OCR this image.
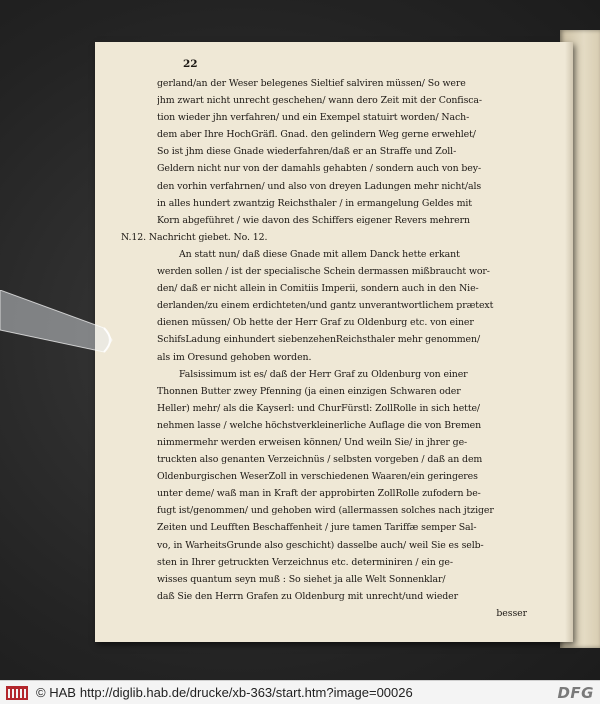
22
gerland/an der Weser belegenes Sieltief salviren müssen/ So were
jhm zwart nicht unrecht geschehen/ wann dero Zeit mit der Confisca-
tion wieder jhn verfahren/ und ein Exempel statuirt worden/ Nach-
dem aber Ihre HochGräfl. Gnad. den gelindern Weg gerne erwehlet/
So ist jhm diese Gnade wiederfahren/daß er an Straffe und Zoll-
Geldern nicht nur von der damahls gehabten / sondern auch von bey-
den vorhin verfahrnen/ und also von dreyen Ladungen mehr nicht/als
in alles hundert zwantzig Reichsthaler / in ermangelung Geldes mit
Korn abgeführet / wie davon des Schiffers eigener Revers mehrern
N.12. Nachricht giebet. No. 12.
An statt nun/ daß diese Gnade mit allem Danck hette erkant
werden sollen / ist der specialische Schein dermassen mißbraucht wor-
den/ daß er nicht allein in Comitiis Imperii, sondern auch in den Nie-
derlanden/zu einem erdichteten/und gantz unverantwortlichem prætext
dienen müssen/ Ob hette der Herr Graf zu Oldenburg etc. von einer
SchifsLadung einhundert siebenzehenReichsthaler mehr genommen/
als im Oresund gehoben worden.
Falsissimum ist es/ daß der Herr Graf zu Oldenburg von einer
Thonnen Butter zwey Pfenning (ja einen einzigen Schwaren oder
Heller) mehr/ als die Kayserl: und ChurFürstl: ZollRolle in sich hette/
nehmen lasse / welche höchstverkleinerliche Auflage die von Bremen
nimmermehr werden erweisen können/ Und weiln Sie/ in jhrer ge-
truckten also genanten Verzeichnüs / selbsten vorgeben / daß an dem
Oldenburgischen WeserZoll in verschiedenen Waaren/ein geringeres
unter deme/ waß man in Kraft der approbirten ZollRolle zufodern be-
fugt ist/genommen/ und gehoben wird (allermassen solches nach jtziger
Zeiten und Leufften Beschaffenheit / jure tamen Tariffæ semper Sal-
vo, in WarheitsGrunde also geschicht) dasselbe auch/ weil Sie es selb-
sten in Ihrer getruckten Verzeichnus etc. determiniren / ein ge-
wisses quantum seyn muß : So siehet ja alle Welt Sonnenklar/
daß Sie den Herrn Grafen zu Oldenburg mit unrecht/und wieder
besser
© HAB http://diglib.hab.de/drucke/xb-363/start.htm?image=00026	DFG
